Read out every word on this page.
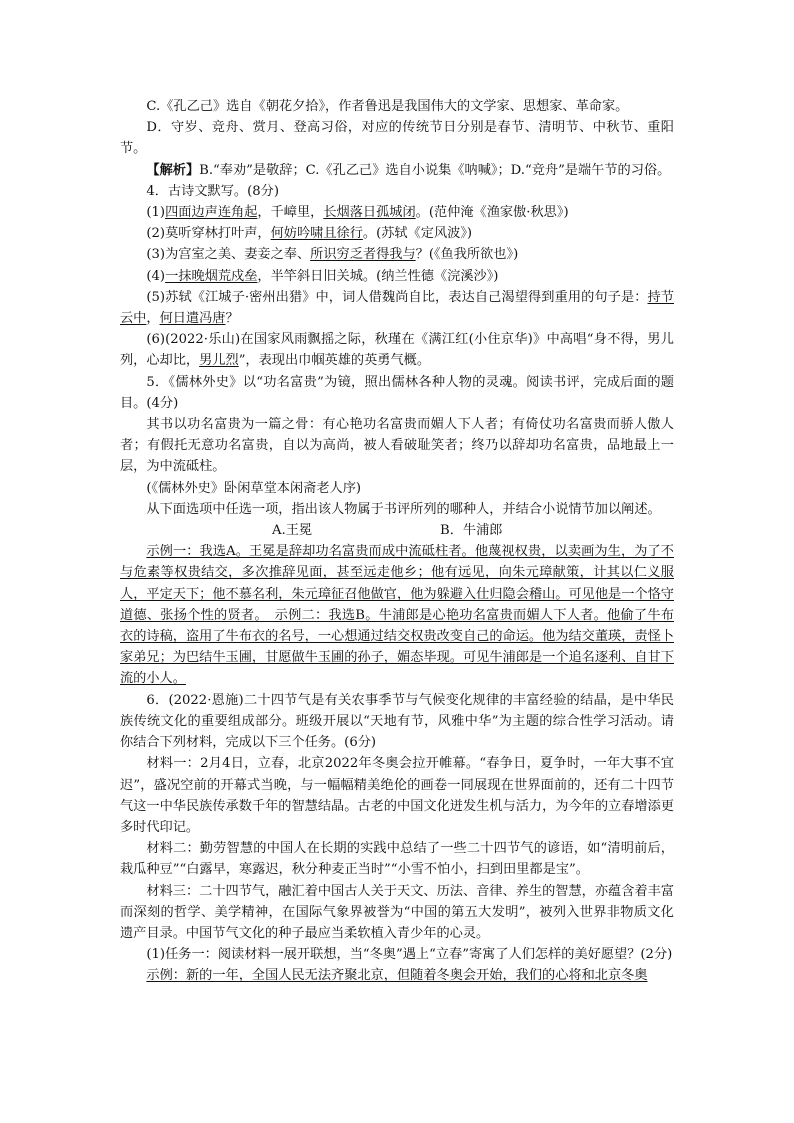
C.《孔乙己》选自《朝花夕拾》，作者鲁迅是我国伟大的文学家、思想家、革命家。

D．守岁、竞舟、赏月、登高习俗，对应的传统节日分别是春节、清明节、中秋节、重阳节。

【解析】B.“奉劝”是敬辞；C.《孔乙己》选自小说集《呐喊》；D.“竞舟”是端午节的习俗。

4．古诗文默写。(8分)

(1)四面边声连角起，千嶂里，长烟落日孤城闭。(范仲淹《渔家傲·秋思》)

(2)莫听穿林打叶声，何妨吟啸且徐行。(苏轼《定风波》)

(3)为宫室之美、妻妾之奉、所识穷乏者得我与？(《鱼我所欲也》)

(4)一抹晚烟荒戍垒，半竿斜日旧关城。(纳兰性德《浣溪沙》)

(5)苏轼《江城子·密州出猎》中，词人借魏尚自比，表达自己渴望得到重用的句子是：持节云中，何日遣冯唐？

(6)(2022·乐山)在国家风雨飘摇之际，秋瑾在《满江红(小住京华)》中高唱“身不得，男儿列，心却比，男儿烈”，表现出巾帼英雄的英勇气概。

5．《儒林外史》以“功名富贵”为镜，照出儒林各种人物的灵魂。阅读书评，完成后面的题目。(4分)

其书以功名富贵为一篇之骨：有心艳功名富贵而媚人下人者；有倚仗功名富贵而骄人傲人者；有假托无意功名富贵，自以为高尚，被人看破耻笑者；终乃以辞却功名富贵，品地最上一层，为中流砥柱。

(《儒林外史》卧闲草堂本闲斋老人序)

从下面选项中任选一项，指出该人物属于书评所列的哪种人，并结合小说情节加以阐述。

A.王冕	B．牛浦郎

示例一：我选A。王冕是辞却功名富贵而成中流砥柱者。他蔑视权贵，以卖画为生，为了不与危素等权贵结交，多次推辞见面，甚至远走他乡；他有远见，向朱元璋献策，计其以仁义服人，平定天下；他不慕名利，朱元璋征召他做官，他为躲避入仕归隐会稽山。可见他是一个恪守道德、张扬个性的贤者。　示例二：我选B。牛浦郎是心艳功名富贵而媚人下人者。他偷了牛布衣的诗稿，盗用了牛布衣的名号，一心想通过结交权贵改变自己的命运。他为结交董瑛，责怪卜家弟兄；为巴结牛玉圃，甘愿做牛玉圃的孙子，媚态毕现。可见牛浦郎是一个追名逐利、自甘下流的小人。

6．(2022·恩施)二十四节气是有关农事季节与气候变化规律的丰富经验的结晶，是中华民族传统文化的重要组成部分。班级开展以“天地有节，风雅中华”为主题的综合性学习活动。请你结合下列材料，完成以下三个任务。(6分)

材料一：2月4日，立春，北京2022年冬奥会拉开帷幕。“春争日，夏争时，一年大事不宜迟”，盛况空前的开幕式当晚，与一幅幅精美绝伦的画卷一同展现在世界面前的，还有二十四节气这一中华民族传承数千年的智慧结晶。古老的中国文化迸发生机与活力，为今年的立春增添更多时代印记。

材料二：勤劳智慧的中国人在长期的实践中总结了一些二十四节气的谚语，如“清明前后，栽瓜种豆”“白露早，寒露迟，秋分种麦正当时”“小雪不怕小，扫到田里都是宝”。

材料三：二十四节气，融汇着中国古人关于天文、历法、音律、养生的智慧，亦蕴含着丰富而深刻的哲学、美学精神，在国际气象界被誉为“中国的第五大发明”，被列入世界非物质文化遗产目录。中国节气文化的种子最应当柔软植入青少年的心灵。

(1)任务一：阅读材料一展开联想，当“冬奥”遇上“立春”寄寓了人们怎样的美好愿望？(2分)

示例：新的一年，全国人民无法齐聚北京，但随着冬奥会开始，我们的心将和北京冬奥
